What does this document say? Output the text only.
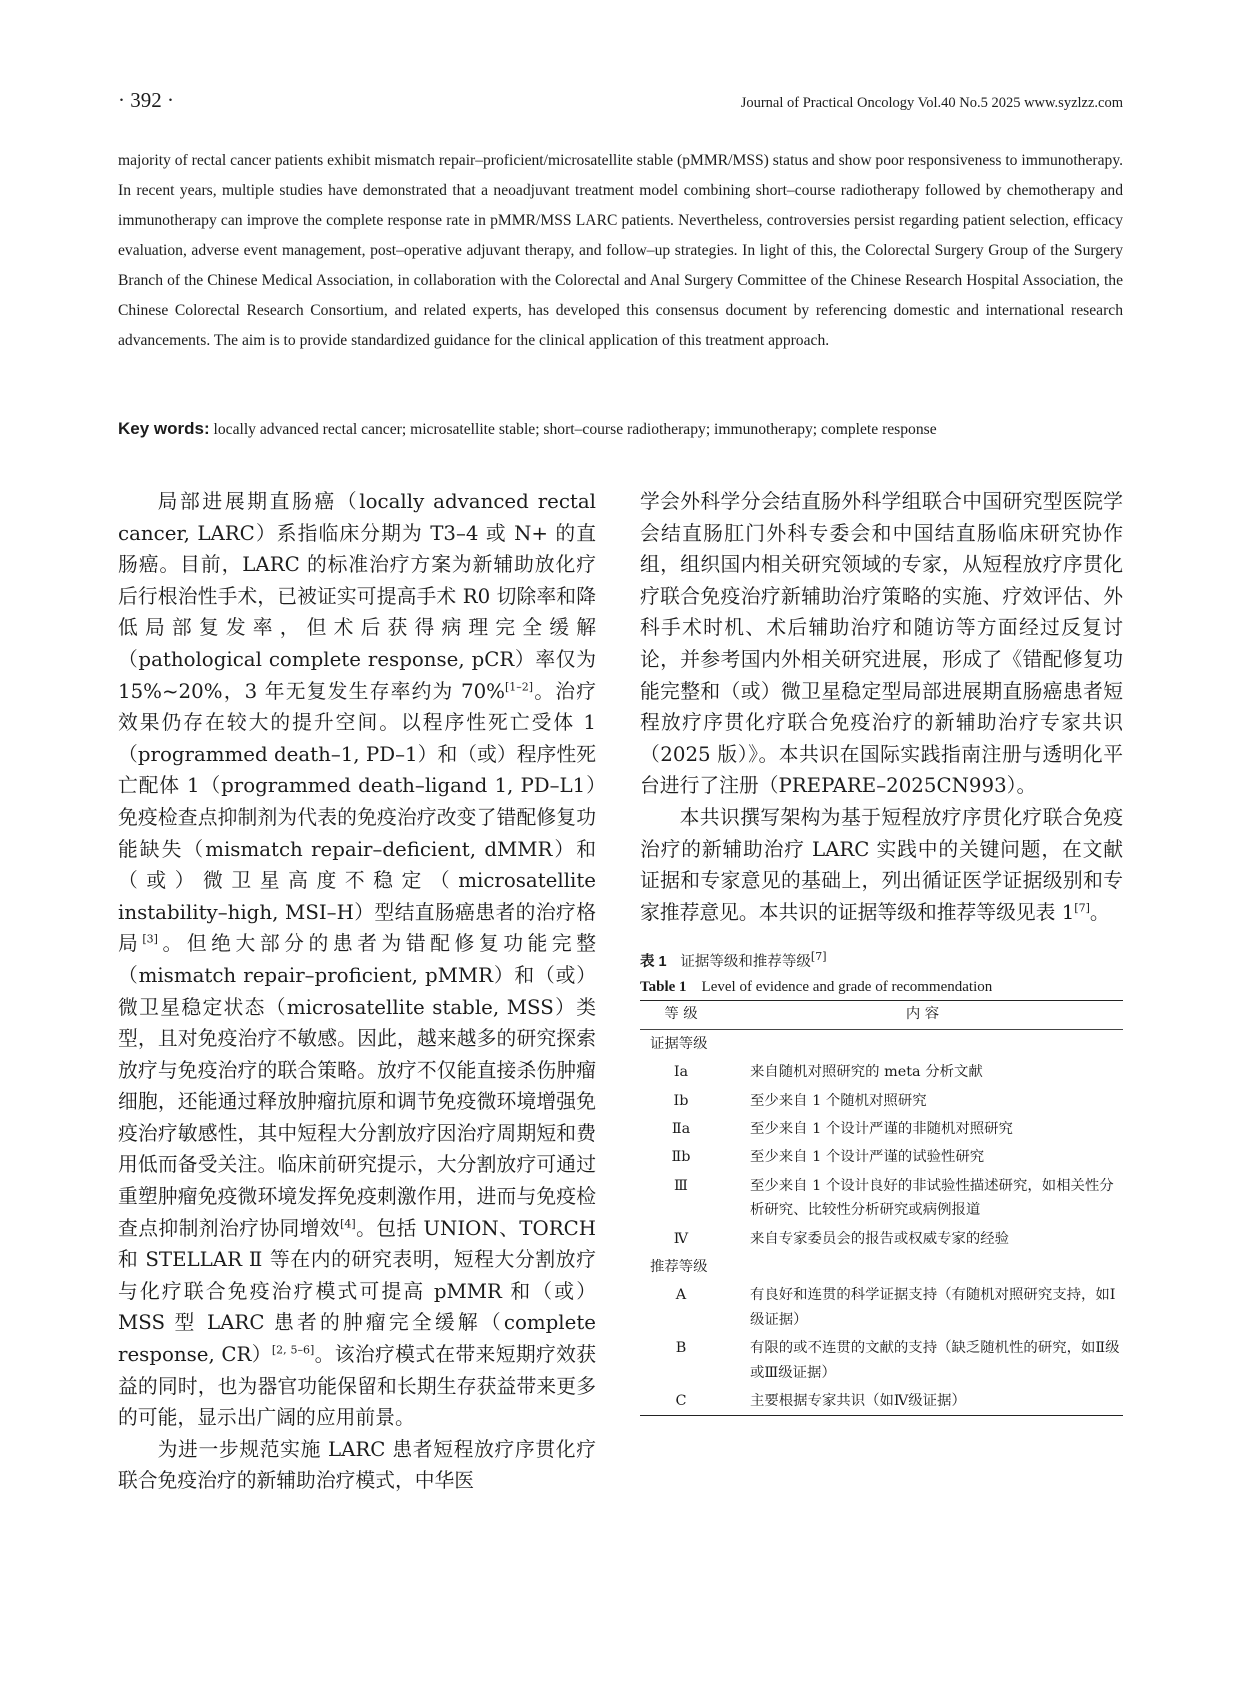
· 392 ·	Journal of Practical Oncology Vol.40 No.5 2025 www.syzlzz.com

majority of rectal cancer patients exhibit mismatch repair–proficient/microsatellite stable (pMMR/MSS) status and show poor responsiveness to immunotherapy. In recent years, multiple studies have demonstrated that a neoadjuvant treatment model combining short–course radiotherapy followed by chemotherapy and immunotherapy can improve the complete response rate in pMMR/MSS LARC patients. Nevertheless, controversies persist regarding patient selection, efficacy evaluation, adverse event management, post–operative adjuvant therapy, and follow–up strategies. In light of this, the Colorectal Surgery Group of the Surgery Branch of the Chinese Medical Association, in collaboration with the Colorectal and Anal Surgery Committee of the Chinese Research Hospital Association, the Chinese Colorectal Research Consortium, and related experts, has developed this consensus document by referencing domestic and international research advancements. The aim is to provide standardized guidance for the clinical application of this treatment approach.

Key words: locally advanced rectal cancer; microsatellite stable; short–course radiotherapy; immunotherapy; complete response

局部进展期直肠癌（locally advanced rectal cancer, LARC）系指临床分期为 T3–4 或 N+ 的直肠癌。目前，LARC 的标准治疗方案为新辅助放化疗后行根治性手术，已被证实可提高手术 R0 切除率和降低局部复发率，但术后获得病理完全缓解（pathological complete response, pCR）率仅为15%~20%，3 年无复发生存率约为 70%[1–2]。治疗效果仍存在较大的提升空间。以程序性死亡受体 1（programmed death–1, PD–1）和（或）程序性死亡配体 1（programmed death–ligand 1, PD–L1）免疫检查点抑制剂为代表的免疫治疗改变了错配修复功能缺失（mismatch repair–deficient, dMMR）和（或）微卫星高度不稳定（microsatellite instability–high, MSI–H）型结直肠癌患者的治疗格局[3]。但绝大部分的患者为错配修复功能完整（mismatch repair–proficient, pMMR）和（或）微卫星稳定状态（microsatellite stable, MSS）类型，且对免疫治疗不敏感。因此，越来越多的研究探索放疗与免疫治疗的联合策略。放疗不仅能直接杀伤肿瘤细胞，还能通过释放肿瘤抗原和调节免疫微环境增强免疫治疗敏感性，其中短程大分割放疗因治疗周期短和费用低而备受关注。临床前研究提示，大分割放疗可通过重塑肿瘤免疫微环境发挥免疫刺激作用，进而与免疫检查点抑制剂治疗协同增效[4]。包括 UNION、TORCH 和 STELLAR Ⅱ 等在内的研究表明，短程大分割放疗与化疗联合免疫治疗模式可提高 pMMR 和（或）MSS 型 LARC 患者的肿瘤完全缓解（complete response, CR）[2, 5–6]。该治疗模式在带来短期疗效获益的同时，也为器官功能保留和长期生存获益带来更多的可能，显示出广阔的应用前景。

为进一步规范实施 LARC 患者短程放疗序贯化疗联合免疫治疗的新辅助治疗模式，中华医

学会外科学分会结直肠外科学组联合中国研究型医院学会结直肠肛门外科专委会和中国结直肠临床研究协作组，组织国内相关研究领域的专家，从短程放疗序贯化疗联合免疫治疗新辅助治疗策略的实施、疗效评估、外科手术时机、术后辅助治疗和随访等方面经过反复讨论，并参考国内外相关研究进展，形成了《错配修复功能完整和（或）微卫星稳定型局部进展期直肠癌患者短程放疗序贯化疗联合免疫治疗的新辅助治疗专家共识（2025 版）》。本共识在国际实践指南注册与透明化平台进行了注册（PREPARE–2025CN993）。

本共识撰写架构为基于短程放疗序贯化疗联合免疫治疗的新辅助治疗 LARC 实践中的关键问题，在文献证据和专家意见的基础上，列出循证医学证据级别和专家推荐意见。本共识的证据等级和推荐等级见表 1[7]。

表 1 证据等级和推荐等级[7]
Table 1 Level of evidence and grade of recommendation
等 级	内 容
证据等级	
Ⅰa	来自随机对照研究的 meta 分析文献
Ⅰb	至少来自 1 个随机对照研究
Ⅱa	至少来自 1 个设计严谨的非随机对照研究
Ⅱb	至少来自 1 个设计严谨的试验性研究
Ⅲ	至少来自 1 个设计良好的非试验性描述研究，如相关性分析研究、比较性分析研究或病例报道
Ⅳ	来自专家委员会的报告或权威专家的经验
推荐等级	
A	有良好和连贯的科学证据支持（有随机对照研究支持，如Ⅰ级证据）
B	有限的或不连贯的文献的支持（缺乏随机性的研究，如Ⅱ级或Ⅲ级证据）
C	主要根据专家共识（如Ⅳ级证据）
